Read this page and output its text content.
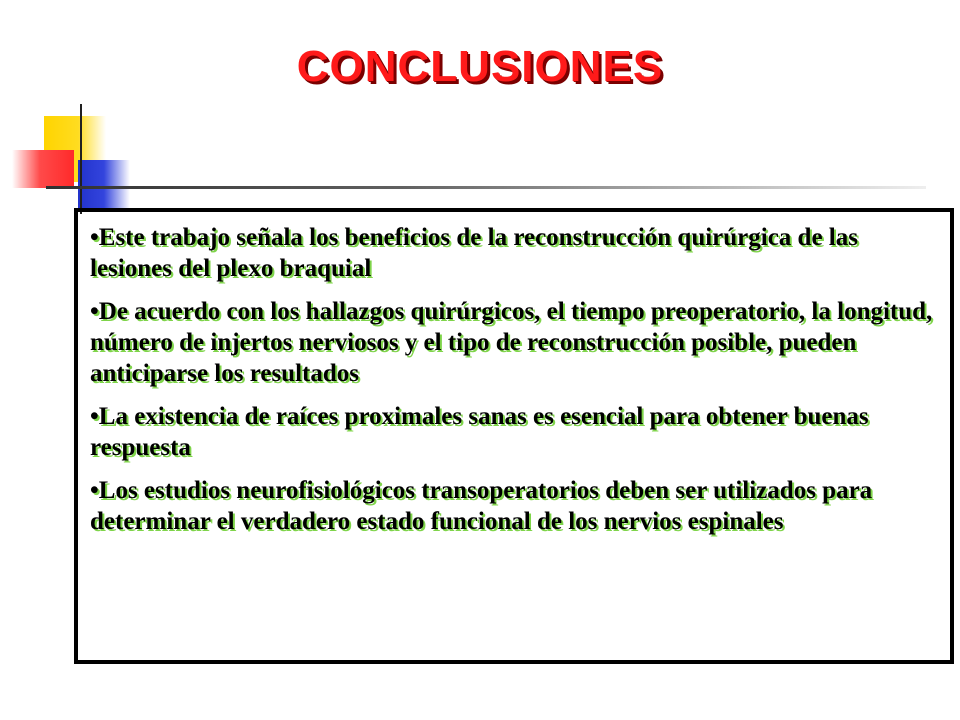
CONCLUSIONES
•Este trabajo señala los beneficios de la reconstrucción quirúrgica de las lesiones del plexo braquial
•De acuerdo con los hallazgos quirúrgicos, el tiempo preoperatorio, la longitud, número de injertos nerviosos y el tipo de reconstrucción posible, pueden anticiparse los resultados
•La existencia de raíces proximales sanas es esencial para obtener buenas respuesta
•Los estudios neurofisiológicos transoperatorios deben ser utilizados para determinar el verdadero estado funcional de los nervios espinales
